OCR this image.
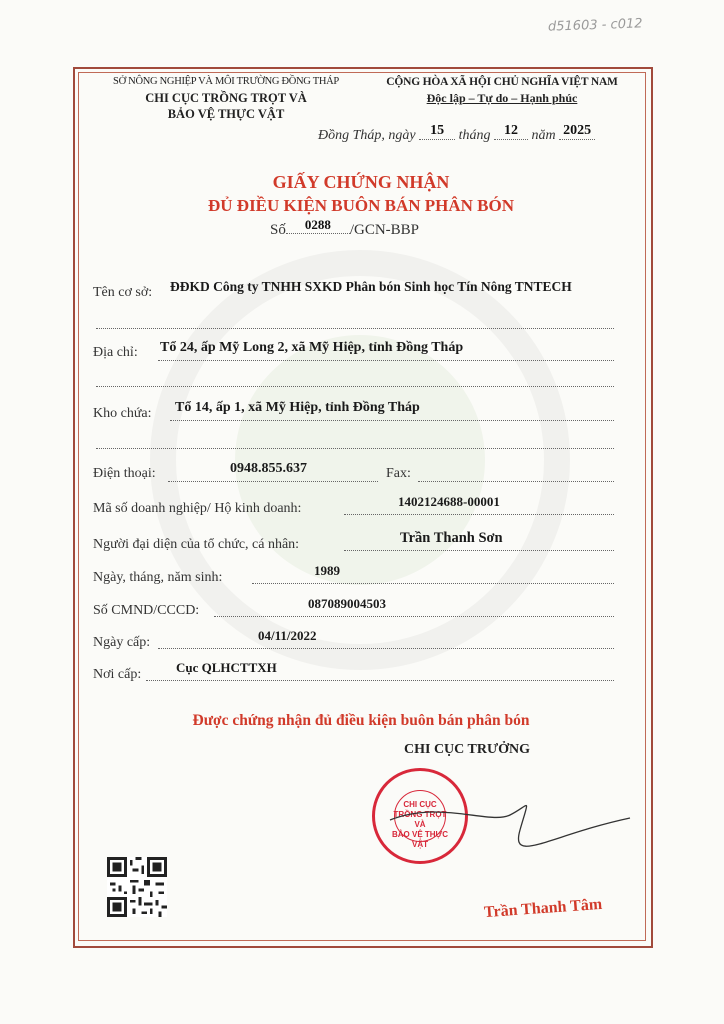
d51603 - c012
SỞ NÔNG NGHIỆP VÀ MÔI TRƯỜNG ĐỒNG THÁP
CHI CỤC TRỒNG TRỌT VÀ
BẢO VỆ THỰC VẬT
CỘNG HÒA XÃ HỘI CHỦ NGHĨA VIỆT NAM
Độc lập – Tự do – Hạnh phúc
Đồng Tháp, ngày 15 tháng 12 năm 2025
GIẤY CHỨNG NHẬN
ĐỦ ĐIỀU KIỆN BUÔN BÁN PHÂN BÓN
Số 0288 /GCN-BBP
Tên cơ sở: ĐĐKD Công ty TNHH SXKD Phân bón Sinh học Tín Nông TNTECH
Địa chỉ: Tổ 24, ấp Mỹ Long 2, xã Mỹ Hiệp, tỉnh Đồng Tháp
Kho chứa: Tổ 14, ấp 1, xã Mỹ Hiệp, tỉnh Đồng Tháp
Điện thoại:	0948.855.637	Fax:
Mã số doanh nghiệp/ Hộ kinh doanh:	1402124688-00001
Người đại diện của tổ chức, cá nhân:	Trần Thanh Sơn
Ngày, tháng, năm sinh:	1989
Số CMND/CCCD:	087089004503
Ngày cấp:	04/11/2022
Nơi cấp:	Cục QLHCTTXH
Được chứng nhận đủ điều kiện buôn bán phân bón
CHI CỤC TRƯỞNG
CHI CỤC
TRỒNG TRỌT VÀ
BẢO VỆ THỰC VẬT
Trần Thanh Tâm
